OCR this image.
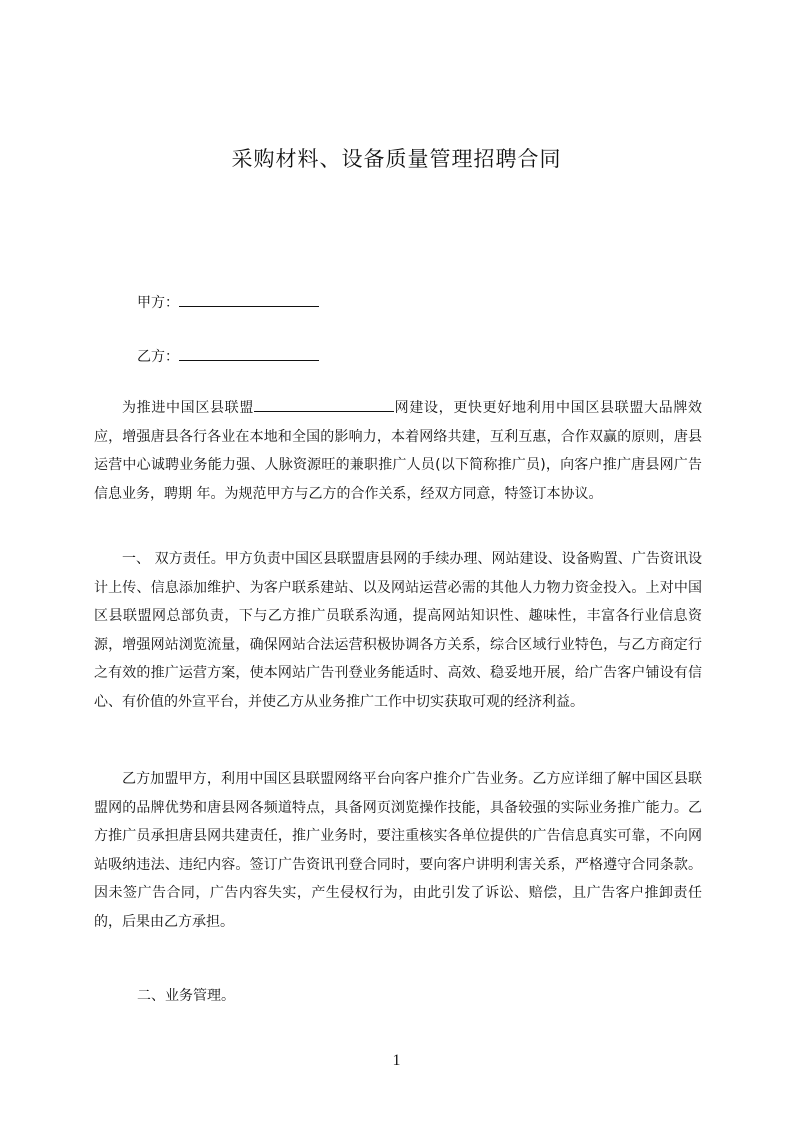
采购材料、设备质量管理招聘合同
甲方：
乙方：
为推进中国区县联盟	网建设，更快更好地利用中国区县联盟大品牌效应，增强唐县各行各业在本地和全国的影响力，本着网络共建，互利互惠，合作双赢的原则，唐县运营中心诚聘业务能力强、人脉资源旺的兼职推广人员(以下简称推广员)，向客户推广唐县网广告信息业务，聘期 年。为规范甲方与乙方的合作关系，经双方同意，特签订本协议。
一、 双方责任。甲方负责中国区县联盟唐县网的手续办理、网站建设、设备购置、广告资讯设计上传、信息添加维护、为客户联系建站、以及网站运营必需的其他人力物力资金投入。上对中国区县联盟网总部负责，下与乙方推广员联系沟通，提高网站知识性、趣味性，丰富各行业信息资源，增强网站浏览流量，确保网站合法运营积极协调各方关系，综合区域行业特色，与乙方商定行之有效的推广运营方案，使本网站广告刊登业务能适时、高效、稳妥地开展，给广告客户铺设有信心、有价值的外宣平台，并使乙方从业务推广工作中切实获取可观的经济利益。
乙方加盟甲方，利用中国区县联盟网络平台向客户推介广告业务。乙方应详细了解中国区县联盟网的品牌优势和唐县网各频道特点，具备网页浏览操作技能，具备较强的实际业务推广能力。乙方推广员承担唐县网共建责任，推广业务时，要注重核实各单位提供的广告信息真实可靠，不向网站吸纳违法、违纪内容。签订广告资讯刊登合同时，要向客户讲明利害关系，严格遵守合同条款。因未签广告合同，广告内容失实，产生侵权行为，由此引发了诉讼、赔偿，且广告客户推卸责任的，后果由乙方承担。
二、业务管理。
1
